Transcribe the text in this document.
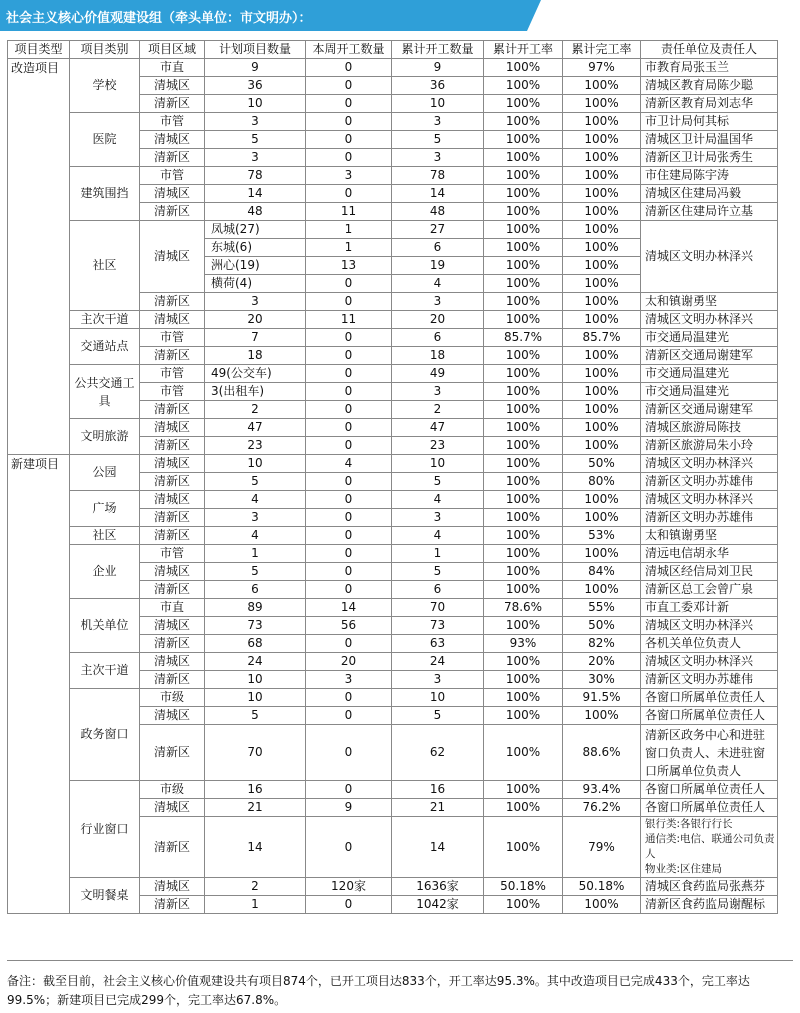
社会主义核心价值观建设组（牵头单位：市文明办）：
项目类型	项目类别	项目区域	计划项目数量	本周开工数量	累计开工数量	累计开工率	累计完工率	责任单位及责任人
改造项目	学校	市直	9	0	9	100%	97%	市教育局张玉兰
		清城区	36	0	36	100%	100%	清城区教育局陈少聪
		清新区	10	0	10	100%	100%	清新区教育局刘志华
	医院	市管	3	0	3	100%	100%	市卫计局何其标
		清城区	5	0	5	100%	100%	清城区卫计局温国华
		清新区	3	0	3	100%	100%	清新区卫计局张秀生
	建筑围挡	市管	78	3	78	100%	100%	市住建局陈宇涛
		清城区	14	0	14	100%	100%	清城区住建局冯毅
		清新区	48	11	48	100%	100%	清新区住建局许立基
	社区	清城区	凤城(27)	1	27	100%	100%	清城区文明办林泽兴
			东城(6)	1	6	100%	100%	
			洲心(19)	13	19	100%	100%	
			横荷(4)	0	4	100%	100%	
		清新区	3	0	3	100%	100%	太和镇谢勇坚
	主次干道	清城区	20	11	20	100%	100%	清城区文明办林泽兴
	交通站点	市管	7	0	6	85.7%	85.7%	市交通局温建光
		清新区	18	0	18	100%	100%	清新区交通局谢建军
	公共交通工具	市管	49(公交车)	0	49	100%	100%	市交通局温建光
		市管	3(出租车)	0	3	100%	100%	市交通局温建光
		清新区	2	0	2	100%	100%	清新区交通局谢建军
	文明旅游	清城区	47	0	47	100%	100%	清城区旅游局陈技
		清新区	23	0	23	100%	100%	清新区旅游局朱小玲
新建项目	公园	清城区	10	4	10	100%	50%	清城区文明办林泽兴
		清新区	5	0	5	100%	80%	清新区文明办苏雄伟
	广场	清城区	4	0	4	100%	100%	清城区文明办林泽兴
		清新区	3	0	3	100%	100%	清新区文明办苏雄伟
	社区	清新区	4	0	4	100%	53%	太和镇谢勇坚
	企业	市管	1	0	1	100%	100%	清远电信胡永华
		清城区	5	0	5	100%	84%	清城区经信局刘卫民
		清新区	6	0	6	100%	100%	清新区总工会曾广泉
	机关单位	市直	89	14	70	78.6%	55%	市直工委邓计新
		清城区	73	56	73	100%	50%	清城区文明办林泽兴
		清新区	68	0	63	93%	82%	各机关单位负责人
	主次干道	清城区	24	20	24	100%	20%	清城区文明办林泽兴
		清新区	10	3	3	100%	30%	清新区文明办苏雄伟
	政务窗口	市级	10	0	10	100%	91.5%	各窗口所属单位责任人
		清城区	5	0	5	100%	100%	各窗口所属单位责任人
		清新区	70	0	62	100%	88.6%	清新区政务中心和进驻窗口负责人、未进驻窗口所属单位负责人
	行业窗口	市级	16	0	16	100%	93.4%	各窗口所属单位责任人
		清城区	21	9	21	100%	76.2%	各窗口所属单位责任人
		清新区	14	0	14	100%	79%	银行类:各银行行长
通信类:电信、联通公司负责人
物业类:区住建局

	文明餐桌	清城区	2	120家	1636家	50.18%	50.18%	清城区食药监局张燕芬
		清新区	1	0	1042家	100%	100%	清新区食药监局谢醒标
备注：截至目前，社会主义核心价值观建设共有项目874个，已开工项目达833个，开工率达95.3%。其中改造项目已完成433个，完工率达99.5%；新建项目已完成299个，完工率达67.8%。
